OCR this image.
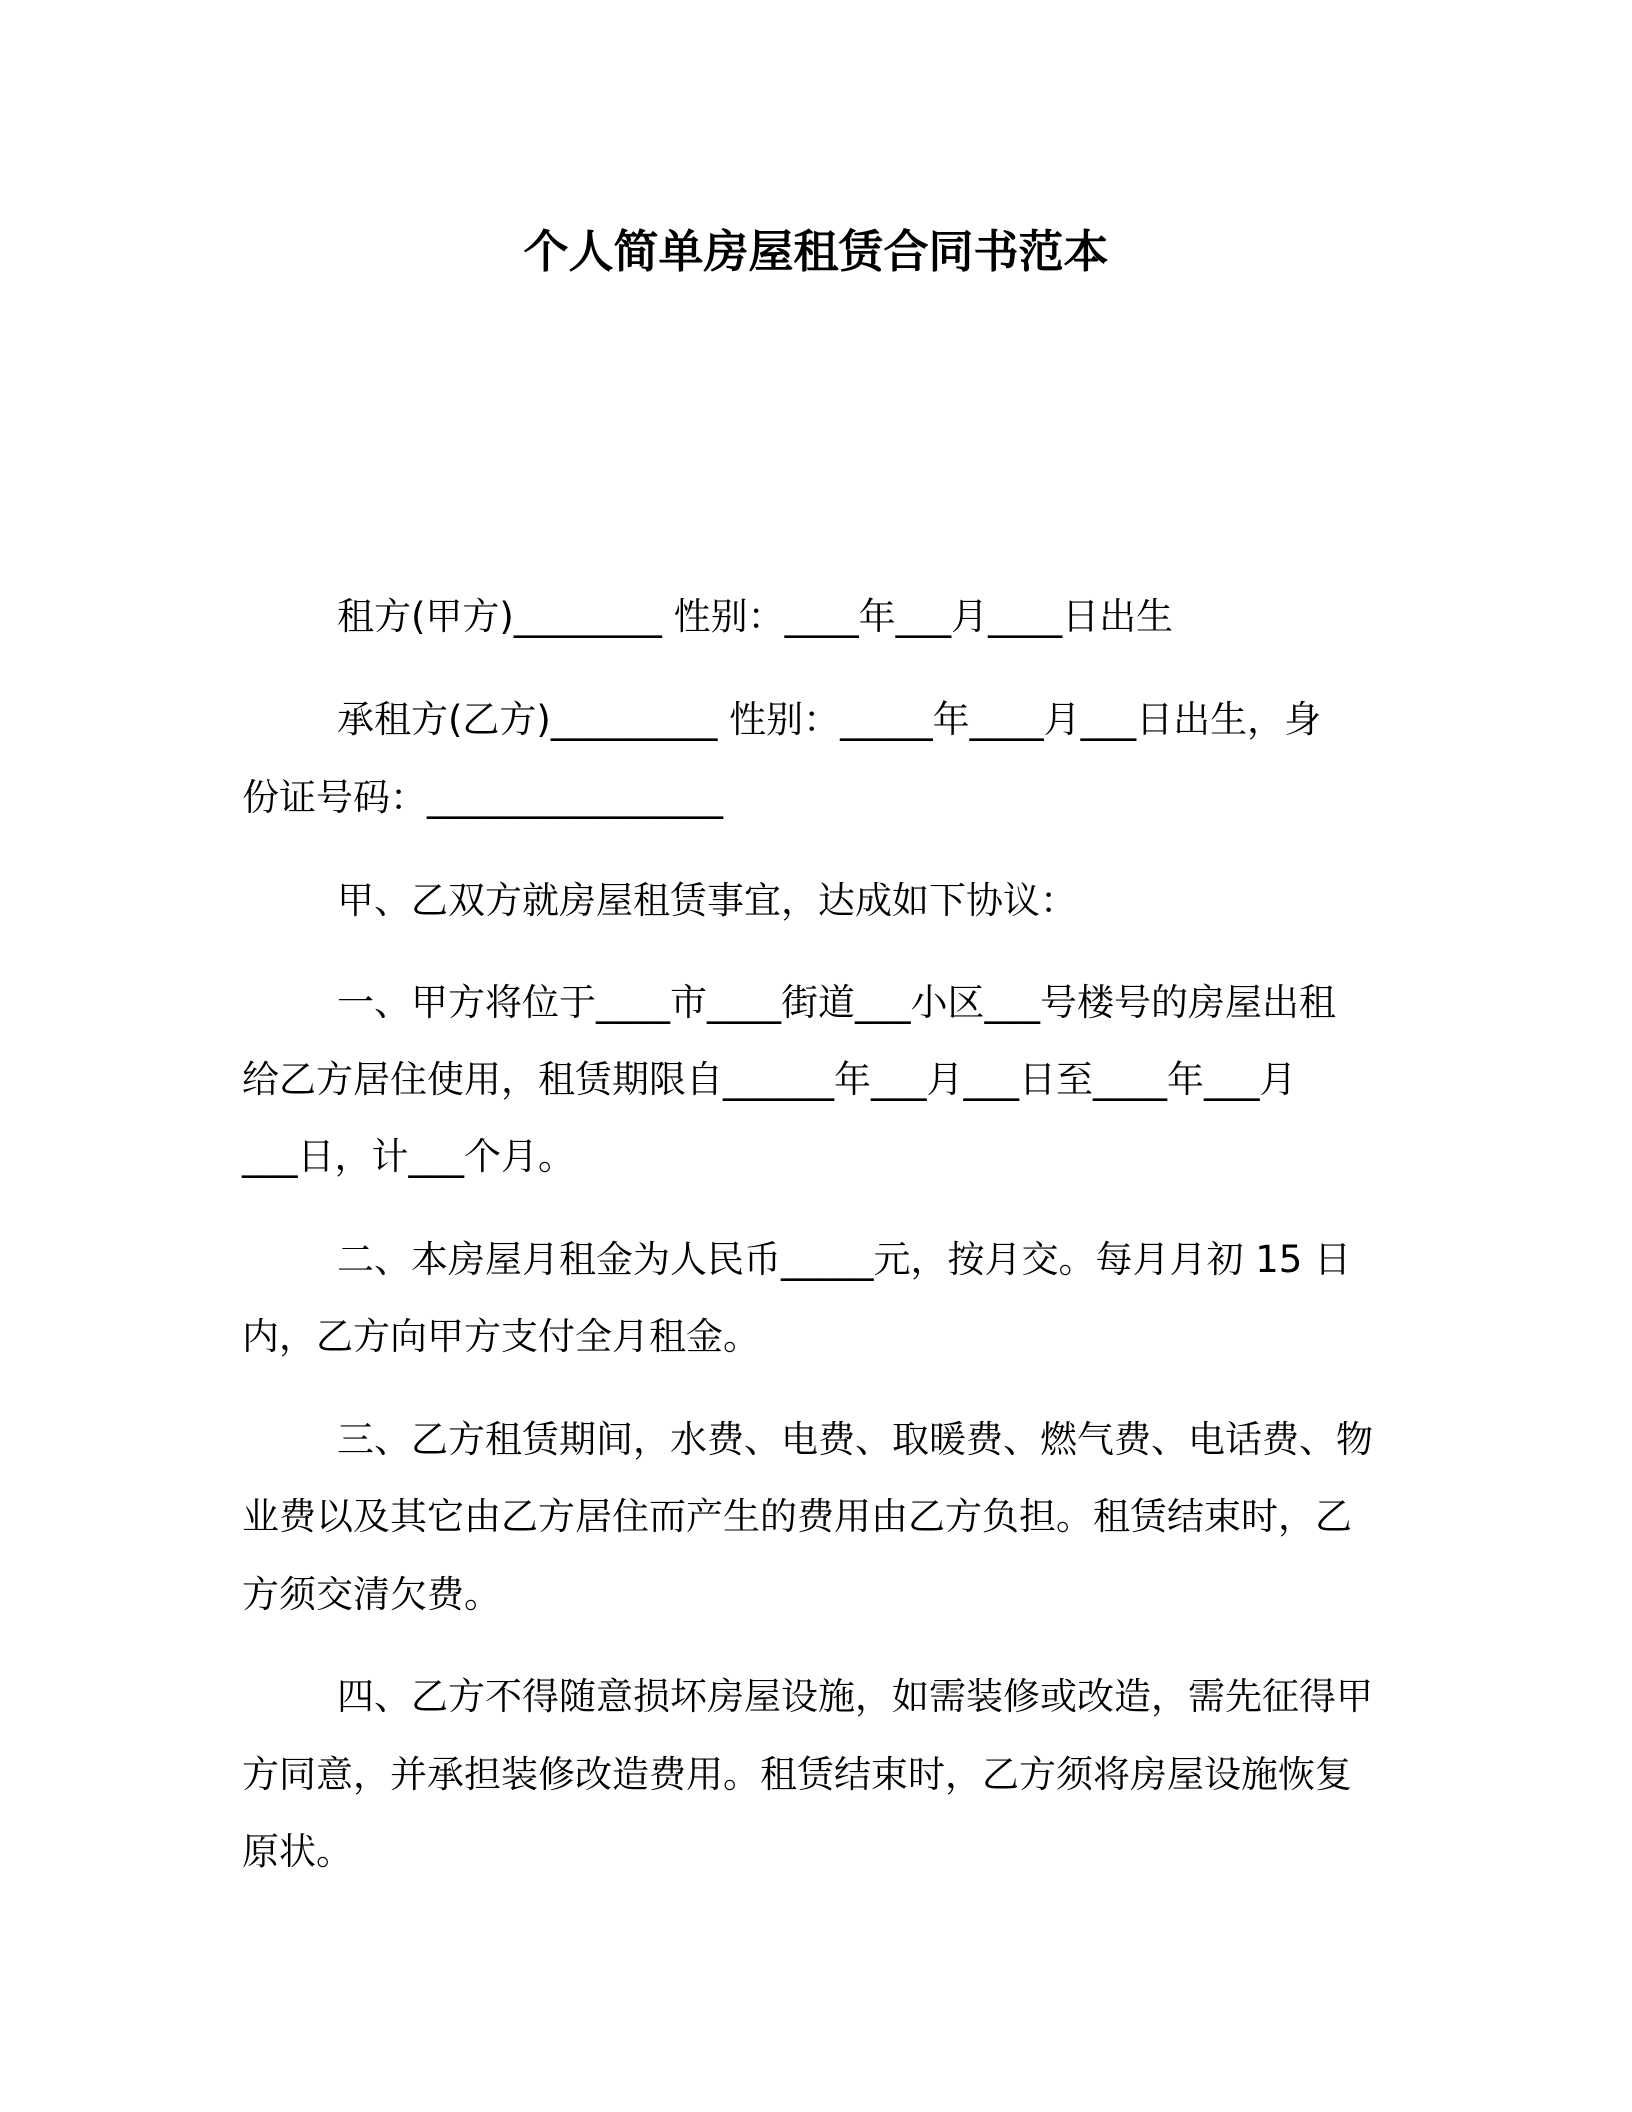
个人简单房屋租赁合同书范本
租方(甲方)________ 性别：____年___月____日出生
承租方(乙方)_________ 性别：_____年____月___日出生，身
份证号码：________________
甲、乙双方就房屋租赁事宜，达成如下协议：
一、甲方将位于____市____街道___小区___号楼号的房屋出租
给乙方居住使用，租赁期限自______年___月___日至____年___月
___日，计___个月。
二、本房屋月租金为人民币_____元，按月交。每月月初 15 日
内，乙方向甲方支付全月租金。
三、乙方租赁期间，水费、电费、取暖费、燃气费、电话费、物
业费以及其它由乙方居住而产生的费用由乙方负担。租赁结束时，乙
方须交清欠费。
四、乙方不得随意损坏房屋设施，如需装修或改造，需先征得甲
方同意，并承担装修改造费用。租赁结束时，乙方须将房屋设施恢复
原状。
